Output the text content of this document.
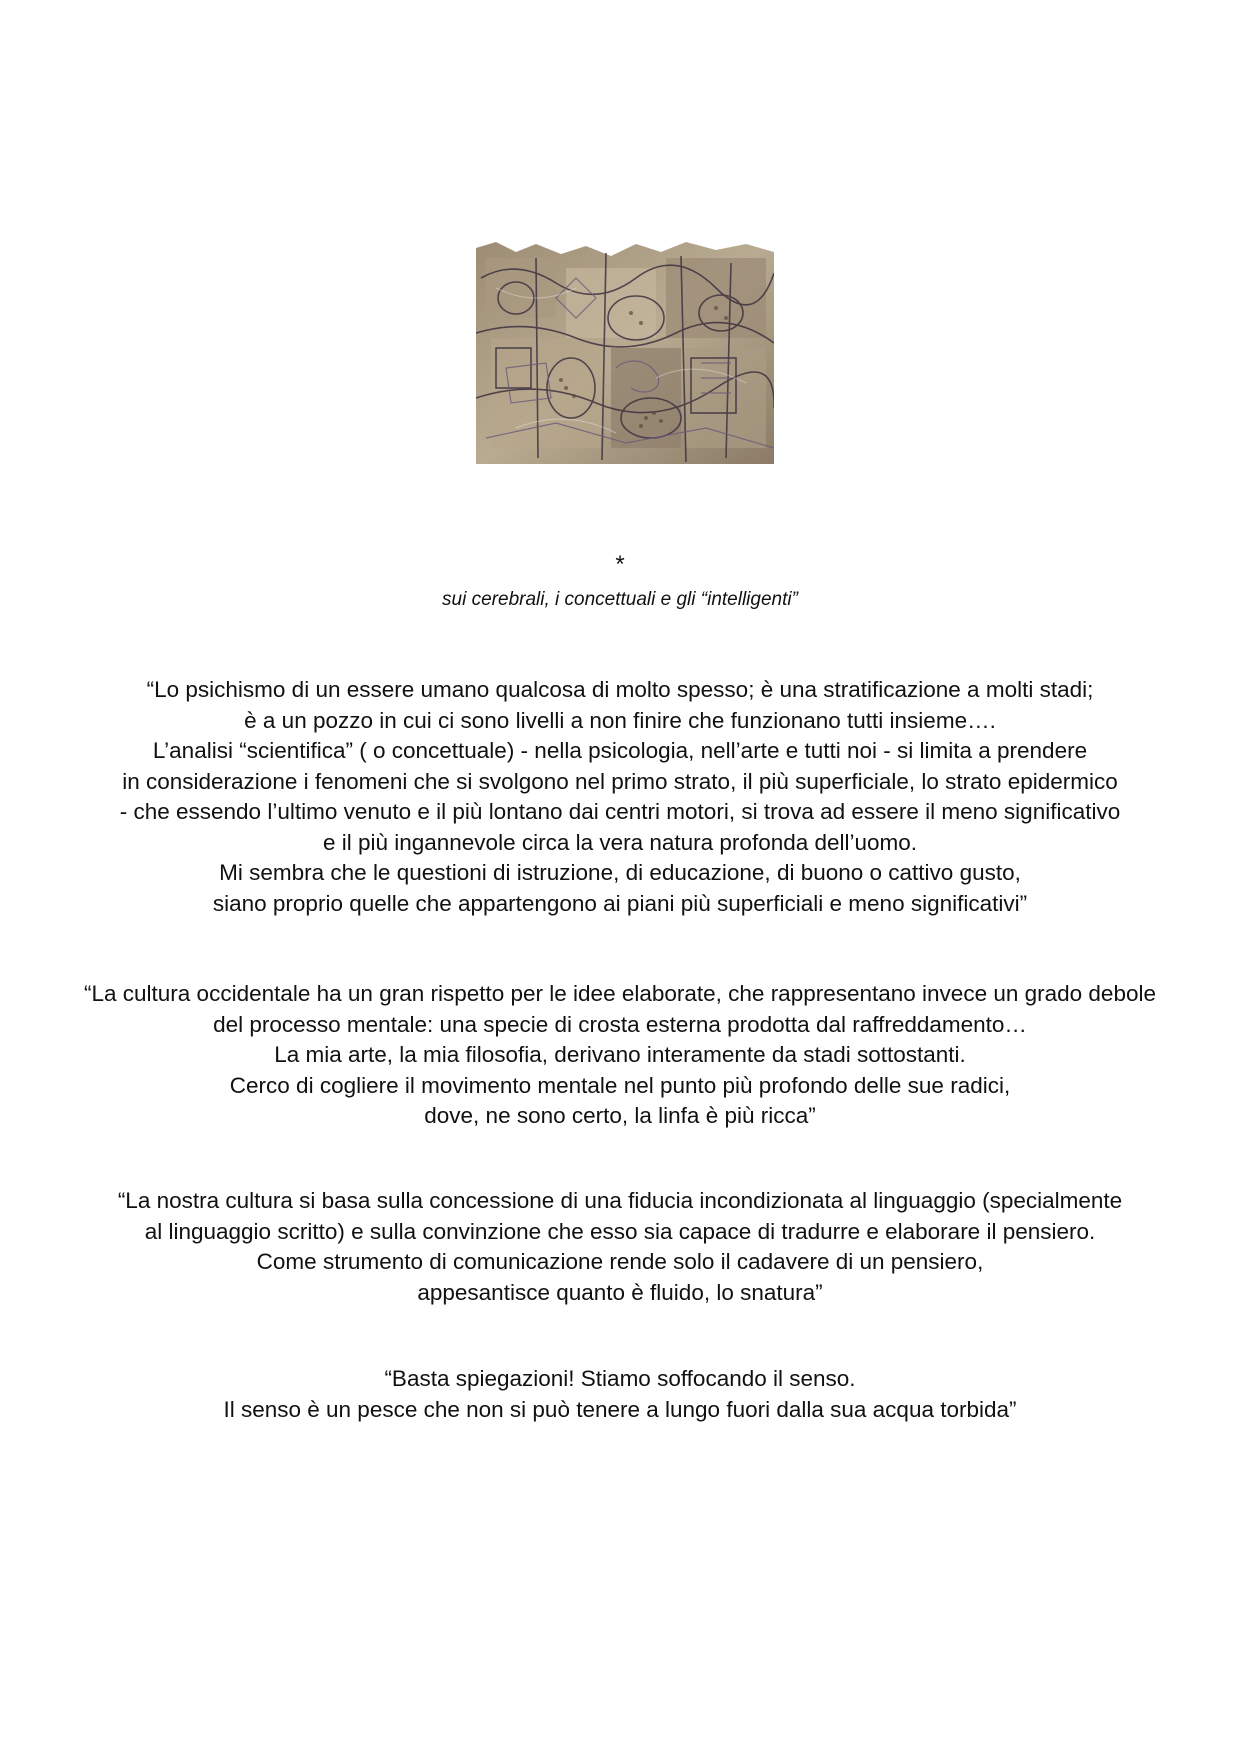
*
sui cerebrali, i concettuali e gli “intelligenti”

“Lo psichismo di un essere umano qualcosa di molto spesso; è una stratificazione a molti stadi;
è a un pozzo in cui ci sono livelli a non finire che funzionano tutti insieme….
L’analisi “scientifica” ( o concettuale) - nella psicologia, nell’arte e tutti noi - si limita a prendere
in considerazione i fenomeni che si svolgono nel primo strato, il più superficiale, lo strato epidermico
- che essendo l’ultimo venuto e il più lontano dai centri motori, si trova ad essere il meno significativo
e il più ingannevole circa la vera natura profonda dell’uomo.
Mi sembra che le questioni di istruzione, di educazione, di buono o cattivo gusto,
siano proprio quelle che appartengono ai piani più superficiali e meno significativi”

“La cultura occidentale ha un gran rispetto per le idee elaborate, che rappresentano invece un grado debole
del processo mentale: una specie di crosta esterna prodotta dal raffreddamento…
La mia arte, la mia filosofia, derivano interamente da stadi sottostanti.
Cerco di cogliere il movimento mentale nel punto più profondo delle sue radici,
dove, ne sono certo, la linfa è più ricca”

“La nostra cultura si basa sulla concessione di una fiducia incondizionata al linguaggio (specialmente
al linguaggio scritto) e sulla convinzione che esso sia capace di tradurre e elaborare il pensiero.
Come strumento di comunicazione rende solo il cadavere di un pensiero,
appesantisce quanto è fluido, lo snatura”

“Basta spiegazioni! Stiamo soffocando il senso.
Il senso è un pesce che non si può tenere a lungo fuori dalla sua acqua torbida”
